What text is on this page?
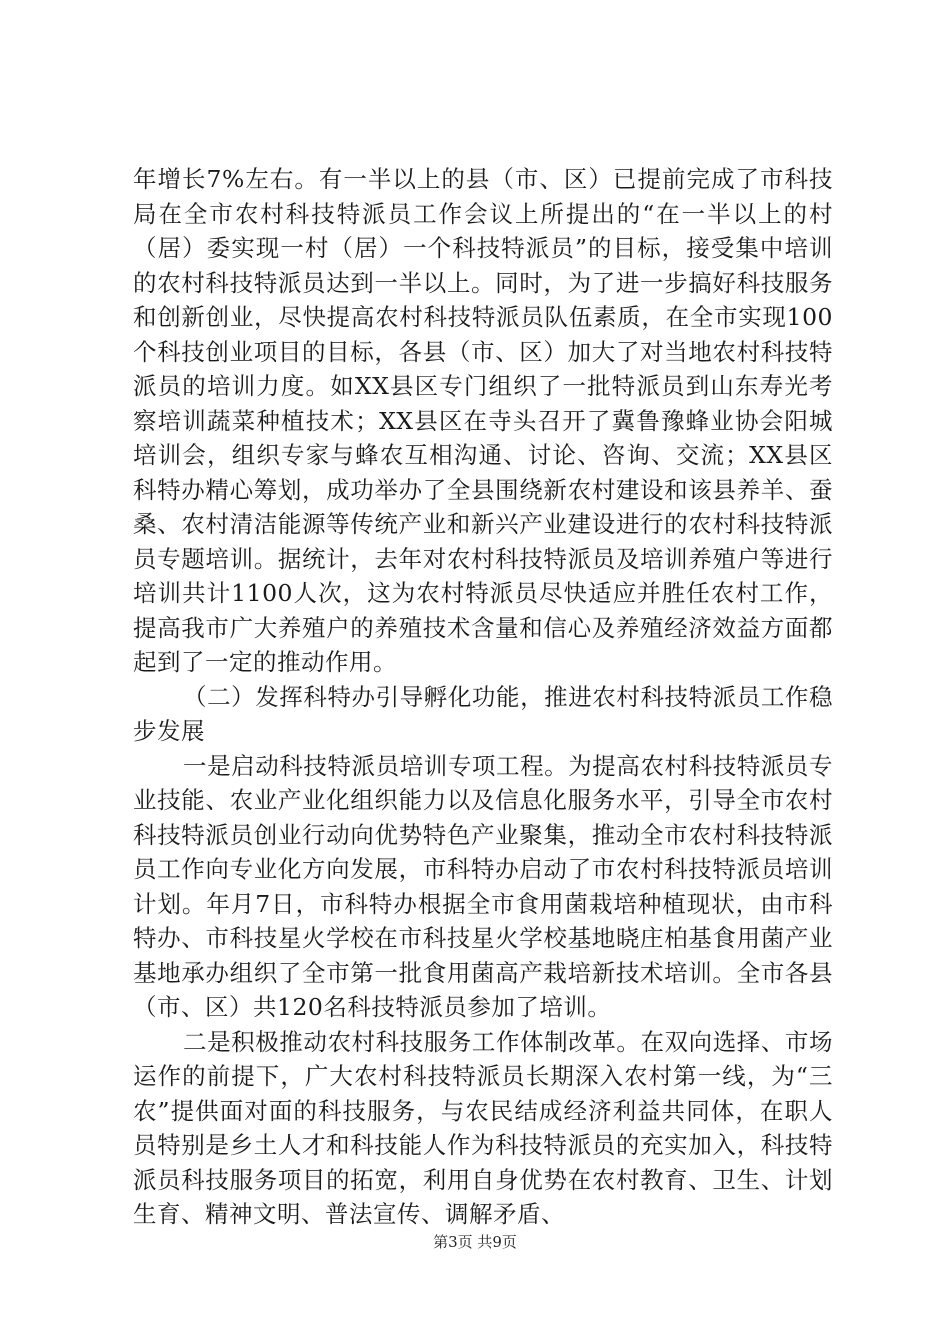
年增长7%左右。有一半以上的县（市、区）已提前完成了市科技局在全市农村科技特派员工作会议上所提出的“在一半以上的村（居）委实现一村（居）一个科技特派员”的目标，接受集中培训的农村科技特派员达到一半以上。同时，为了进一步搞好科技服务和创新创业，尽快提高农村科技特派员队伍素质，在全市实现100个科技创业项目的目标，各县（市、区）加大了对当地农村科技特派员的培训力度。如XX县区专门组织了一批特派员到山东寿光考察培训蔬菜种植技术；XX县区在寺头召开了冀鲁豫蜂业协会阳城培训会，组织专家与蜂农互相沟通、讨论、咨询、交流；XX县区科特办精心筹划，成功举办了全县围绕新农村建设和该县养羊、蚕桑、农村清洁能源等传统产业和新兴产业建设进行的农村科技特派员专题培训。据统计，去年对农村科技特派员及培训养殖户等进行培训共计1100人次，这为农村特派员尽快适应并胜任农村工作，提高我市广大养殖户的养殖技术含量和信心及养殖经济效益方面都起到了一定的推动作用。

（二）发挥科特办引导孵化功能，推进农村科技特派员工作稳步发展

一是启动科技特派员培训专项工程。为提高农村科技特派员专业技能、农业产业化组织能力以及信息化服务水平，引导全市农村科技特派员创业行动向优势特色产业聚集，推动全市农村科技特派员工作向专业化方向发展，市科特办启动了市农村科技特派员培训计划。年月7日，市科特办根据全市食用菌栽培种植现状，由市科特办、市科技星火学校在市科技星火学校基地晓庄柏基食用菌产业基地承办组织了全市第一批食用菌高产栽培新技术培训。全市各县（市、区）共120名科技特派员参加了培训。

二是积极推动农村科技服务工作体制改革。在双向选择、市场运作的前提下，广大农村科技特派员长期深入农村第一线，为“三农”提供面对面的科技服务，与农民结成经济利益共同体，在职人员特别是乡土人才和科技能人作为科技特派员的充实加入，科技特派员科技服务项目的拓宽，利用自身优势在农村教育、卫生、计划生育、精神文明、普法宣传、调解矛盾、

第3页 共9页
